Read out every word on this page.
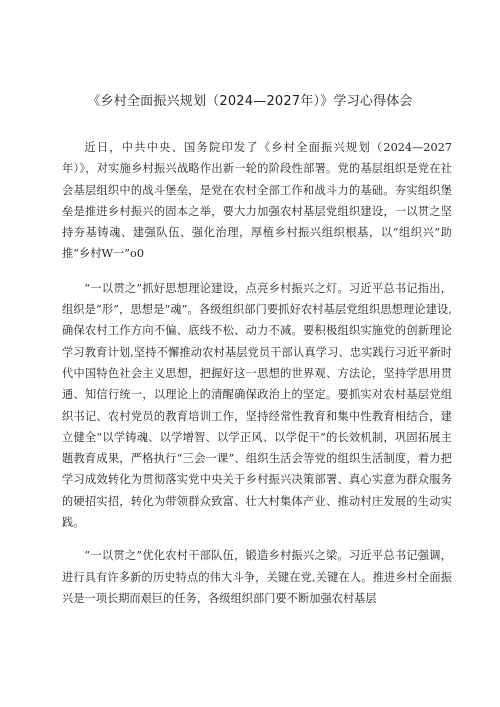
《乡村全面振兴规划（2024—2027年）》学习心得体会

近日，中共中央、国务院印发了《乡村全面振兴规划（2024—2027年）》，对实施乡村振兴战略作出新一轮的阶段性部署。党的基层组织是党在社会基层组织中的战斗堡垒，是党在农村全部工作和战斗力的基础。夯实组织堡垒是推进乡村振兴的固本之举，要大力加强农村基层党组织建设，一以贯之坚持夯基铸魂、建强队伍、强化治理，厚植乡村振兴组织根基，以“组织兴”助推“乡村W一”o0

“一以贯之”抓好思想理论建设，点亮乡村振兴之灯。习近平总书记指出，组织是“形”，思想是“魂”。各级组织部门要抓好农村基层党组织思想理论建设,确保农村工作方向不偏、底线不松、动力不减。要积极组织实施党的创新理论学习教育计划,坚持不懈推动农村基层党员干部认真学习、忠实践行习近平新时代中国特色社会主义思想，把握好这一思想的世界观、方法论，坚持学思用贯通、知信行统一，以理论上的清醒确保政治上的坚定。要抓实对农村基层党组织书记、农村党员的教育培训工作，坚持经常性教育和集中性教育相结合，建立健全“以学铸魂、以学增智、以学正风、以学促干”的长效机制，巩固拓展主题教育成果，严格执行“三会一课”、组织生活会等党的组织生活制度，着力把学习成效转化为贯彻落实党中央关于乡村振兴决策部署、真心实意为群众服务的硬招实招，转化为带领群众致富、壮大村集体产业、推动村庄发展的生动实践。

“一以贯之”优化农村干部队伍，锻造乡村振兴之梁。习近平总书记强调，进行具有许多新的历史特点的伟大斗争，关键在党,关键在人。推进乡村全面振兴是一项长期而艰巨的任务，各级组织部门要不断加强农村基层
